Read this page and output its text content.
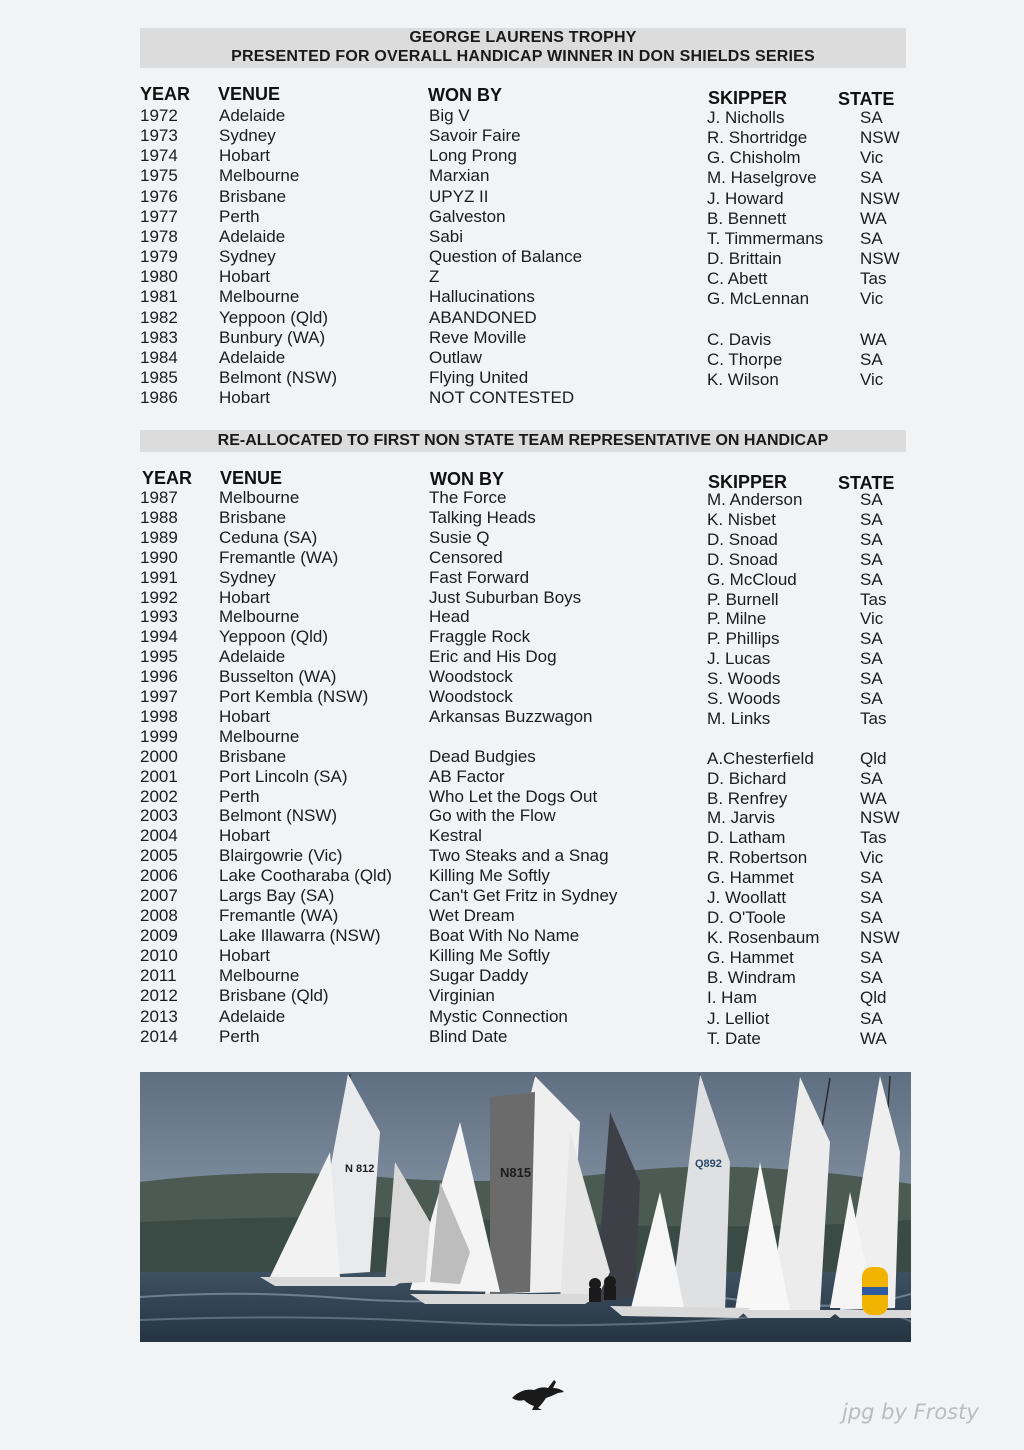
GEORGE LAURENS TROPHY
PRESENTED FOR OVERALL HANDICAP WINNER IN DON SHIELDS SERIES
YEAR VENUE	WON BY	SKIPPER	STATE
1972 Adelaide	Big V	J. Nicholls	SA
1973 Sydney	Savoir Faire	R. Shortridge	NSW
1974 Hobart	Long Prong	G. Chisholm	Vic
1975 Melbourne	Marxian	M. Haselgrove	SA
1976 Brisbane	UPYZ II	J. Howard	NSW
1977 Perth	Galveston	B. Bennett	WA
1978 Adelaide	Sabi	T. Timmermans SA
1979 Sydney	Question of Balance	D. Brittain	NSW
1980 Hobart	Z	C. Abett	Tas
1981 Melbourne	Hallucinations	G. McLennan	Vic
1982 Yeppoon (Qld)	ABANDONED
1983 Bunbury (WA)	Reve Moville	C. Davis	WA
1984 Adelaide	Outlaw	C. Thorpe	SA
1985 Belmont (NSW)	Flying United	K. Wilson	Vic
1986 Hobart	NOT CONTESTED
RE-ALLOCATED TO FIRST NON STATE TEAM REPRESENTATIVE ON HANDICAP
YEAR VENUE	WON BY	SKIPPER	STATE
1987 Melbourne	The Force	M. Anderson	SA
1988 Brisbane	Talking Heads	K. Nisbet	SA
1989 Ceduna (SA)	Susie Q	D. Snoad	SA
1990 Fremantle (WA)	Censored	D. Snoad	SA
1991 Sydney	Fast Forward	G. McCloud	SA
1992 Hobart	Just Suburban Boys	P. Burnell	Tas
1993 Melbourne	Head	P. Milne	Vic
1994 Yeppoon (Qld)	Fraggle Rock	P. Phillips	SA
1995 Adelaide	Eric and His Dog	J. Lucas	SA
1996 Busselton (WA)	Woodstock	S. Woods	SA
1997 Port Kembla (NSW)	Woodstock	S. Woods	SA
1998 Hobart	Arkansas Buzzwagon	M. Links	Tas
1999 Melbourne
2000 Brisbane	Dead Budgies	A.Chesterfield	Qld
2001 Port Lincoln (SA)	AB Factor	D. Bichard	SA
2002 Perth	Who Let the Dogs Out	B. Renfrey	WA
2003 Belmont (NSW)	Go with the Flow	M. Jarvis	NSW
2004 Hobart	Kestral	D. Latham	Tas
2005 Blairgowrie (Vic)	Two Steaks and a Snag	R. Robertson	Vic
2006 Lake Cootharaba (Qld) Killing Me Softly	G. Hammet	SA
2007 Largs Bay (SA)	Can't Get Fritz in Sydney	J. Woollatt	SA
2008 Fremantle (WA)	Wet Dream	D. O'Toole	SA
2009 Lake Illawarra (NSW)	Boat With No Name	K. Rosenbaum NSW
2010 Hobart	Killing Me Softly	G. Hammet	SA
2011 Melbourne	Sugar Daddy	B. Windram	SA
2012 Brisbane (Qld)	Virginian	I. Ham	Qld
2013 Adelaide	Mystic Connection	J. Lelliot	SA
2014 Perth	Blind Date	T. Date	WA
N 812	N815
Q892
jpg by Frosty
